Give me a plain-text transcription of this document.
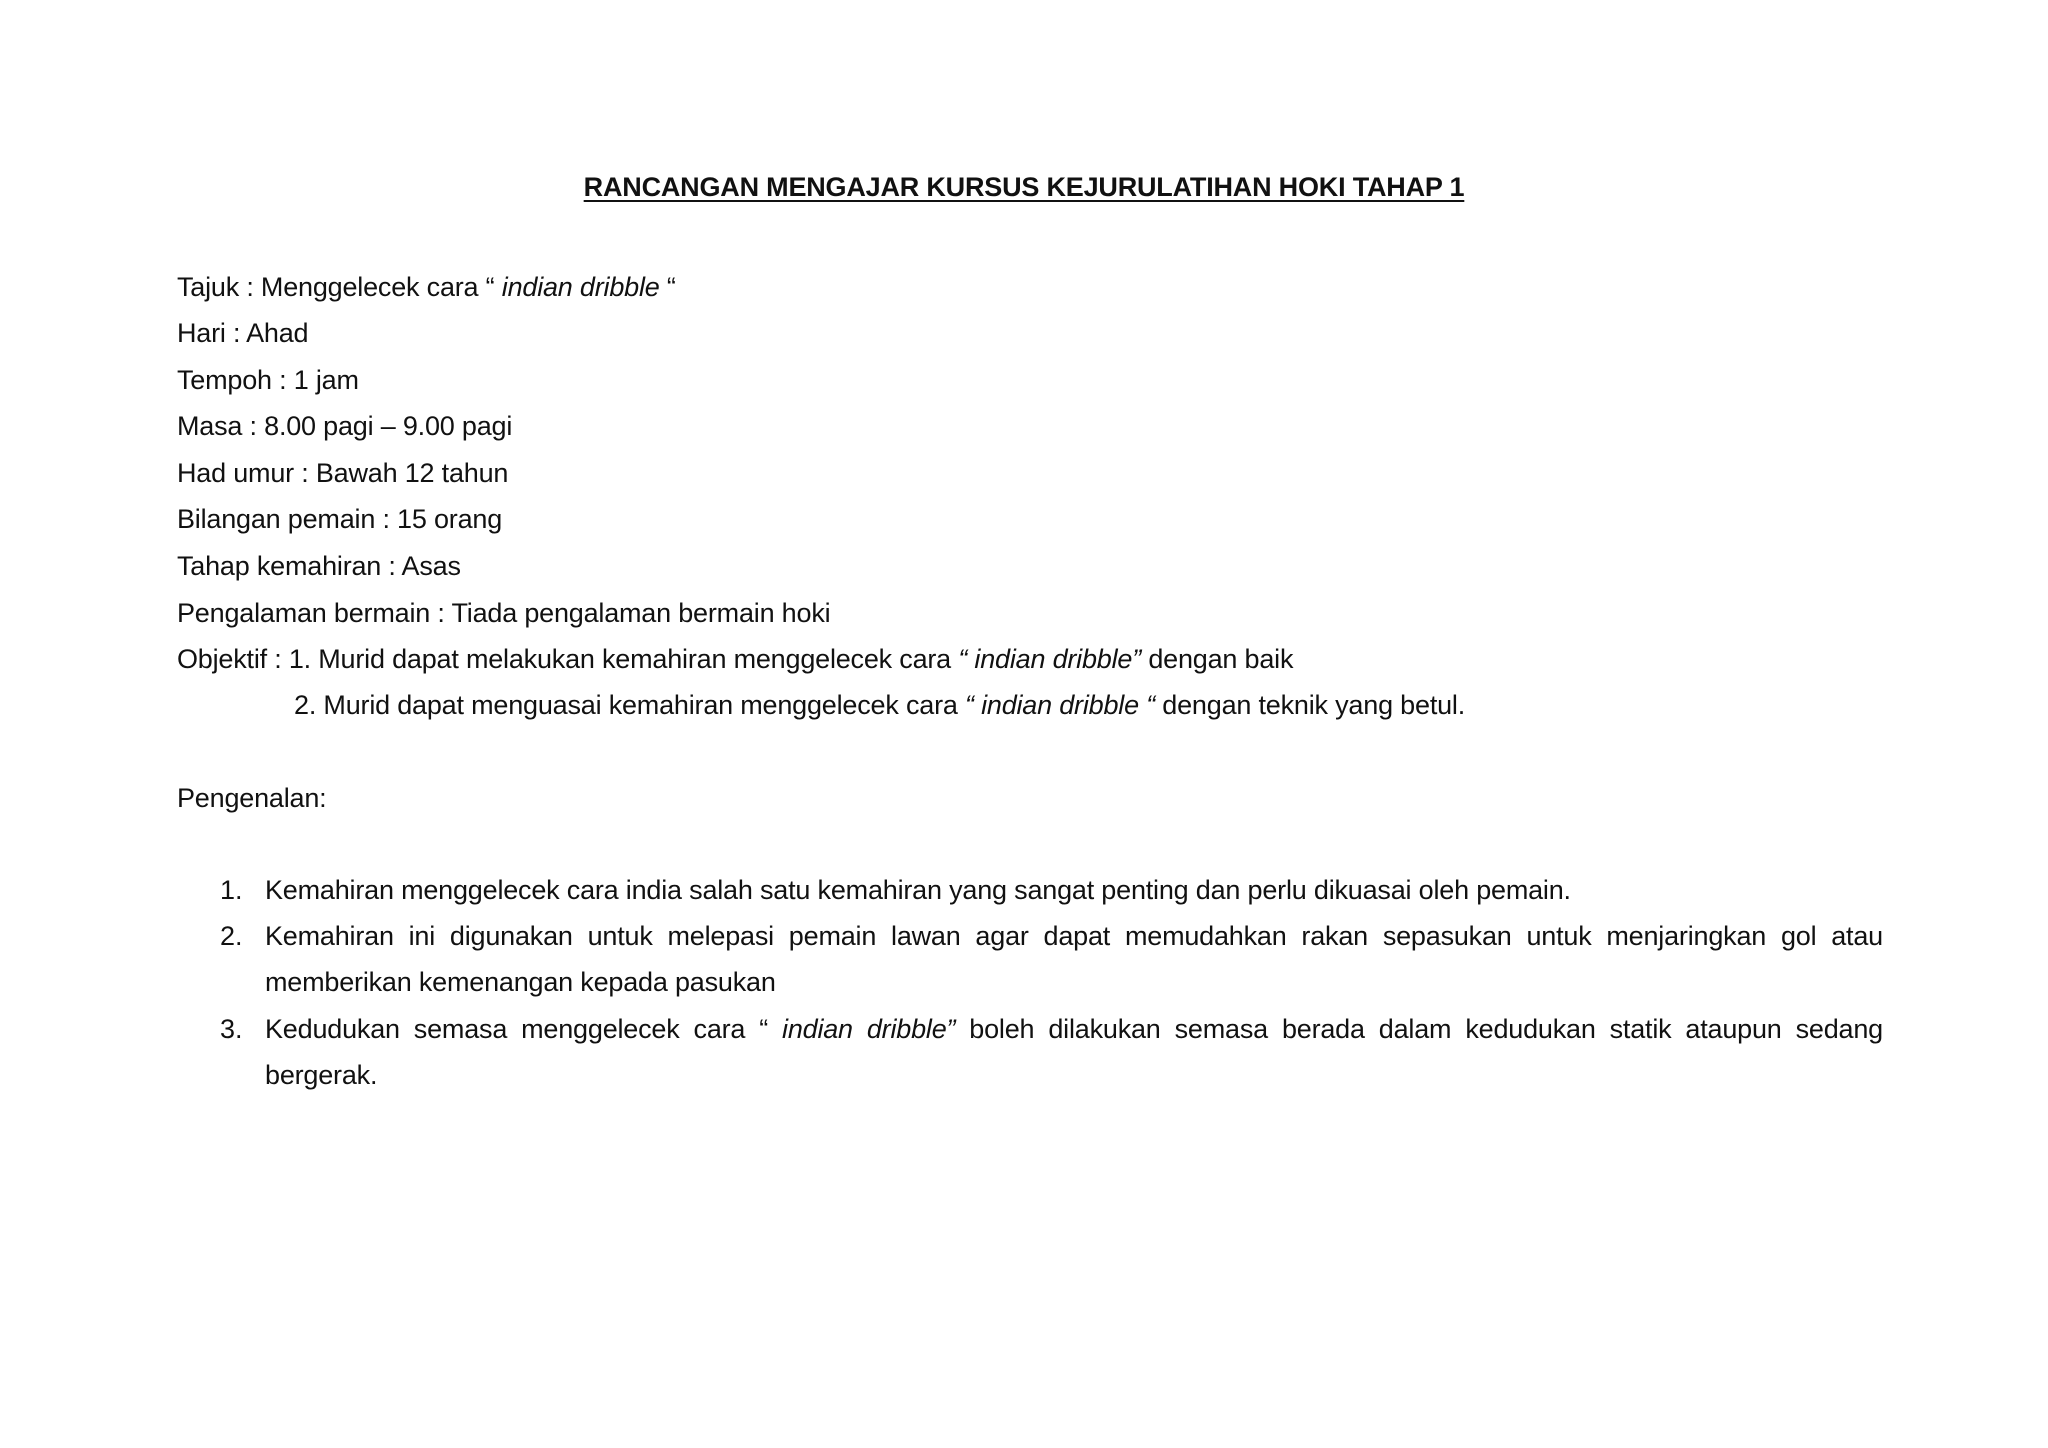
RANCANGAN MENGAJAR KURSUS KEJURULATIHAN HOKI TAHAP 1
Tajuk : Menggelecek cara “ indian dribble “
Hari : Ahad
Tempoh : 1 jam
Masa : 8.00 pagi – 9.00 pagi
Had umur : Bawah 12 tahun
Bilangan pemain : 15 orang
Tahap kemahiran : Asas
Pengalaman bermain : Tiada pengalaman bermain hoki
Objektif : 1. Murid dapat melakukan kemahiran menggelecek cara “ indian dribble” dengan baik
2. Murid dapat menguasai kemahiran menggelecek cara “ indian dribble “ dengan teknik yang betul.
Pengenalan:
1. Kemahiran menggelecek cara india salah satu kemahiran yang sangat penting dan perlu dikuasai oleh pemain.
2. Kemahiran ini digunakan untuk melepasi pemain lawan agar dapat memudahkan rakan sepasukan untuk menjaringkan gol atau
memberikan kemenangan kepada pasukan
3. Kedudukan semasa menggelecek cara “ indian dribble” boleh dilakukan semasa berada dalam kedudukan statik ataupun sedang
bergerak.
